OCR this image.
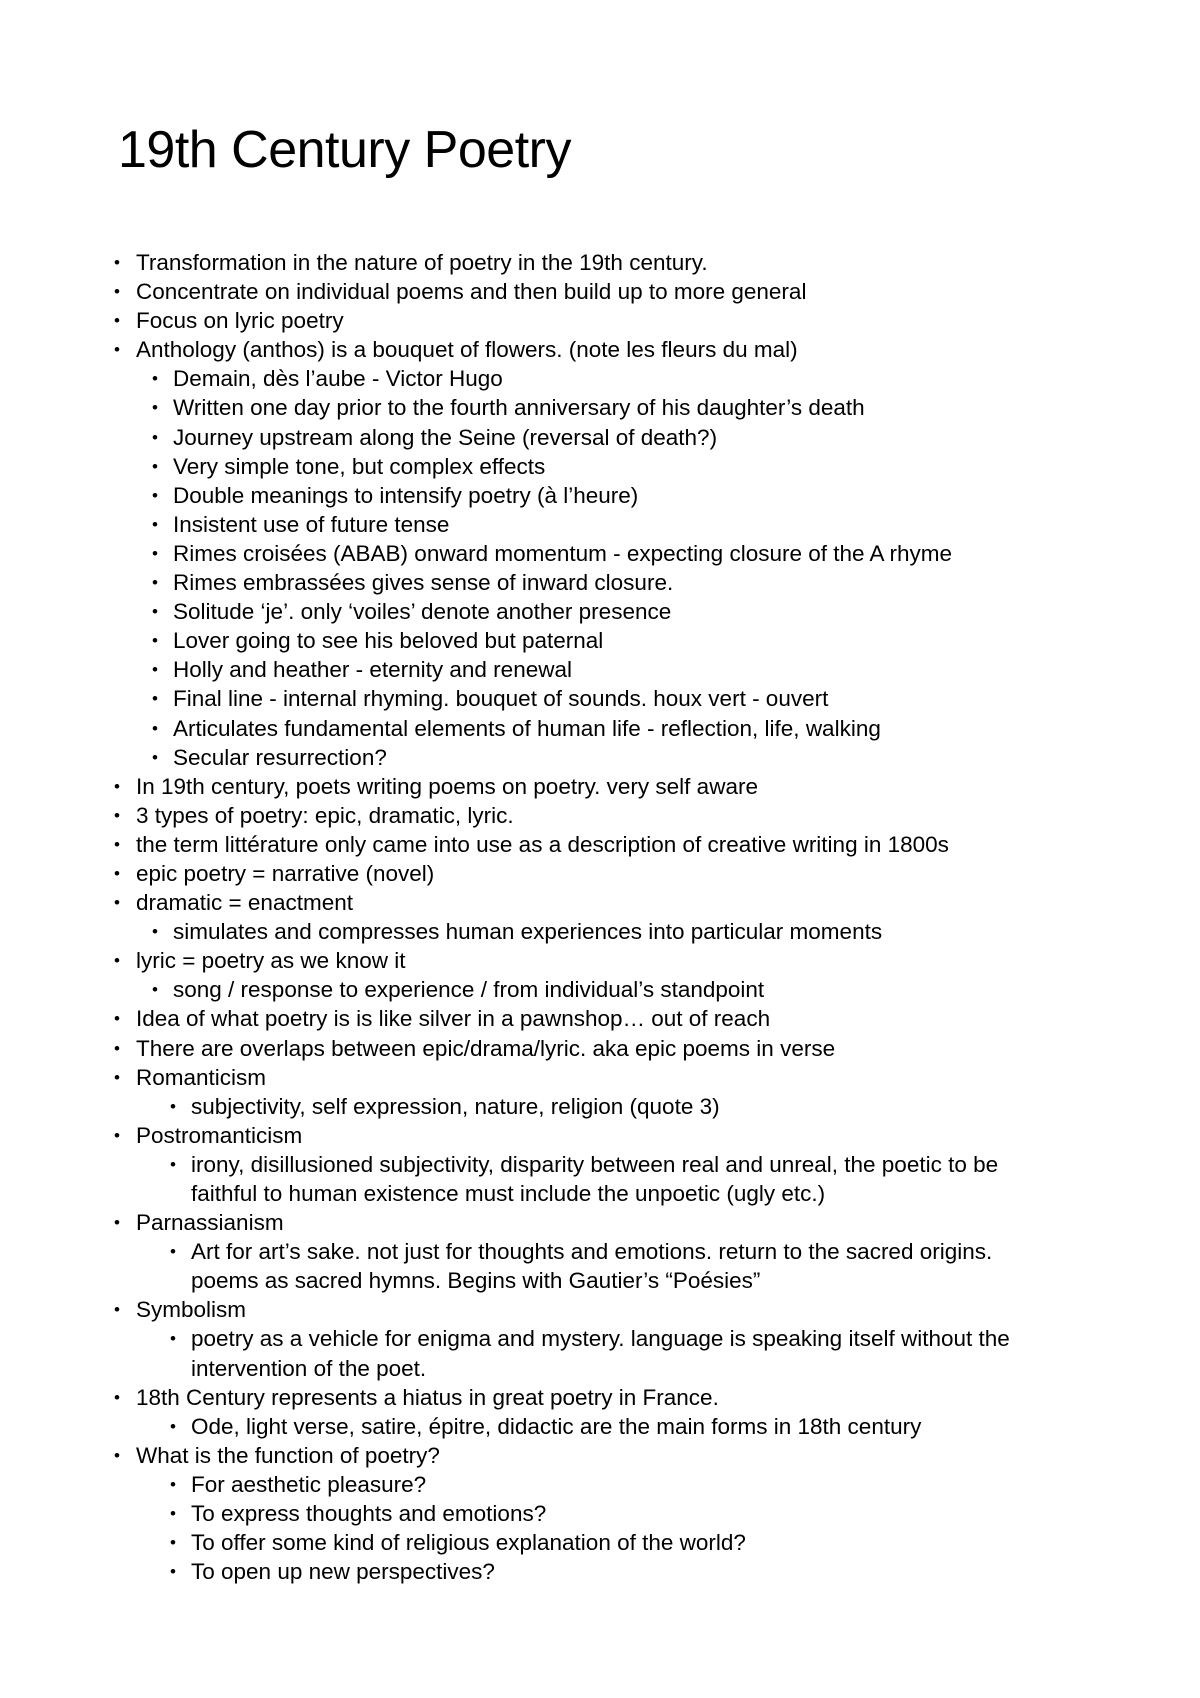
19th Century Poetry
• Transformation in the nature of poetry in the 19th century.
• Concentrate on individual poems and then build up to more general
• Focus on lyric poetry
• Anthology (anthos) is a bouquet of flowers. (note les fleurs du mal)
• Demain, dès l’aube - Victor Hugo
• Written one day prior to the fourth anniversary of his daughter’s death
• Journey upstream along the Seine (reversal of death?)
• Very simple tone, but complex effects
• Double meanings to intensify poetry (à l’heure)
• Insistent use of future tense
• Rimes croisées (ABAB) onward momentum - expecting closure of the A rhyme
• Rimes embrassées gives sense of inward closure.
• Solitude ‘je’. only ‘voiles’ denote another presence
• Lover going to see his beloved but paternal
• Holly and heather - eternity and renewal
• Final line - internal rhyming. bouquet of sounds. houx vert - ouvert
• Articulates fundamental elements of human life - reflection, life, walking
• Secular resurrection?
• In 19th century, poets writing poems on poetry. very self aware
• 3 types of poetry: epic, dramatic, lyric.
• the term littérature only came into use as a description of creative writing in 1800s
• epic poetry = narrative (novel)
• dramatic = enactment
• simulates and compresses human experiences into particular moments
• lyric = poetry as we know it
• song / response to experience / from individual’s standpoint
• Idea of what poetry is is like silver in a pawnshop… out of reach
• There are overlaps between epic/drama/lyric. aka epic poems in verse
• Romanticism
• subjectivity, self expression, nature, religion (quote 3)
• Postromanticism
• irony, disillusioned subjectivity, disparity between real and unreal, the poetic to be
faithful to human existence must include the unpoetic (ugly etc.)
• Parnassianism
• Art for art’s sake. not just for thoughts and emotions. return to the sacred origins.
poems as sacred hymns. Begins with Gautier’s “Poésies”
• Symbolism
• poetry as a vehicle for enigma and mystery. language is speaking itself without the
intervention of the poet.
• 18th Century represents a hiatus in great poetry in France.
• Ode, light verse, satire, épitre, didactic are the main forms in 18th century
• What is the function of poetry?
• For aesthetic pleasure?
• To express thoughts and emotions?
• To offer some kind of religious explanation of the world?
• To open up new perspectives?
